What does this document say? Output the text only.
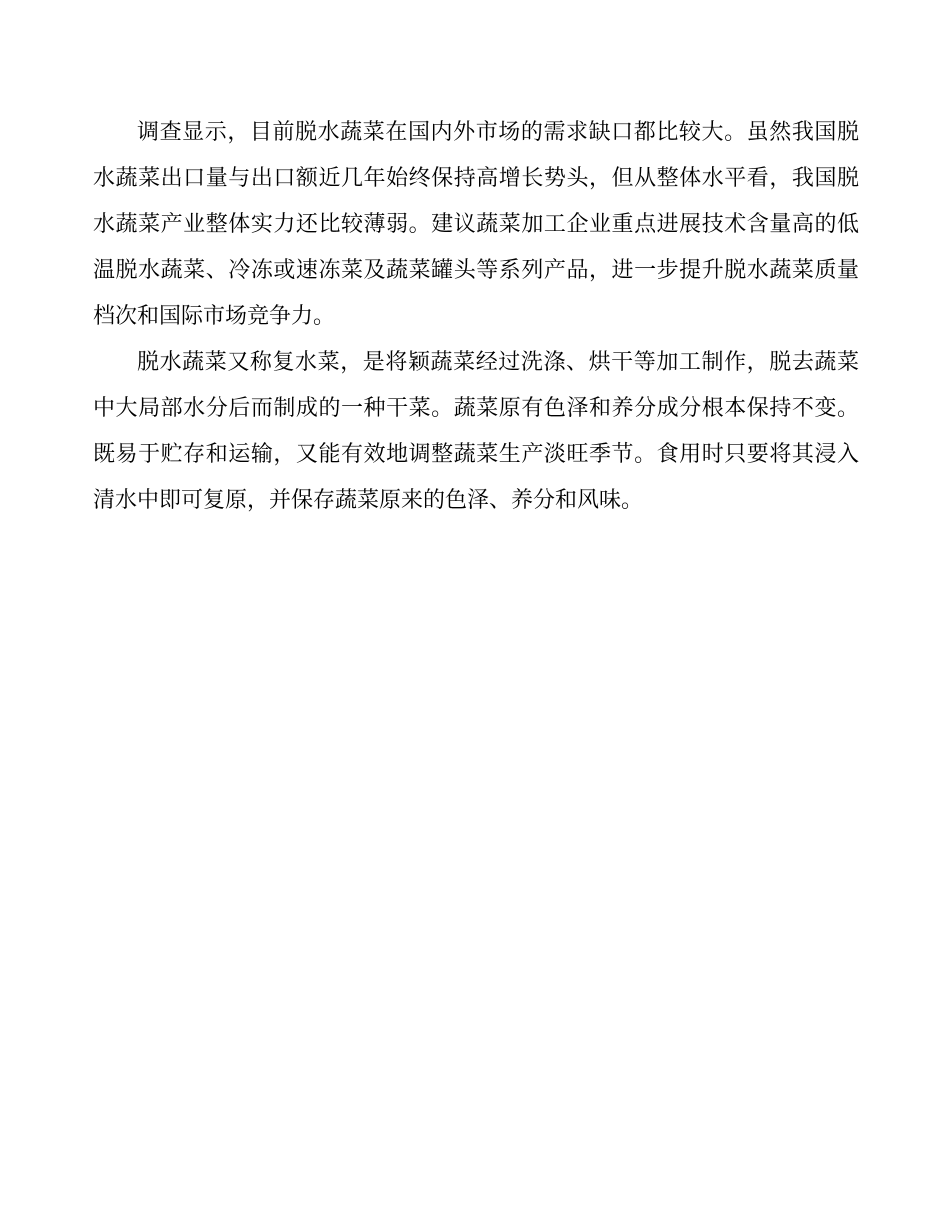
调查显示，目前脱水蔬菜在国内外市场的需求缺口都比较大。虽然我国脱水蔬菜出口量与出口额近几年始终保持高增长势头，但从整体水平看，我国脱水蔬菜产业整体实力还比较薄弱。建议蔬菜加工企业重点进展技术含量高的低温脱水蔬菜、冷冻或速冻菜及蔬菜罐头等系列产品，进一步提升脱水蔬菜质量档次和国际市场竞争力。

脱水蔬菜又称复水菜，是将颖蔬菜经过洗涤、烘干等加工制作，脱去蔬菜中大局部水分后而制成的一种干菜。蔬菜原有色泽和养分成分根本保持不变。既易于贮存和运输，又能有效地调整蔬菜生产淡旺季节。食用时只要将其浸入清水中即可复原，并保存蔬菜原来的色泽、养分和风味。
